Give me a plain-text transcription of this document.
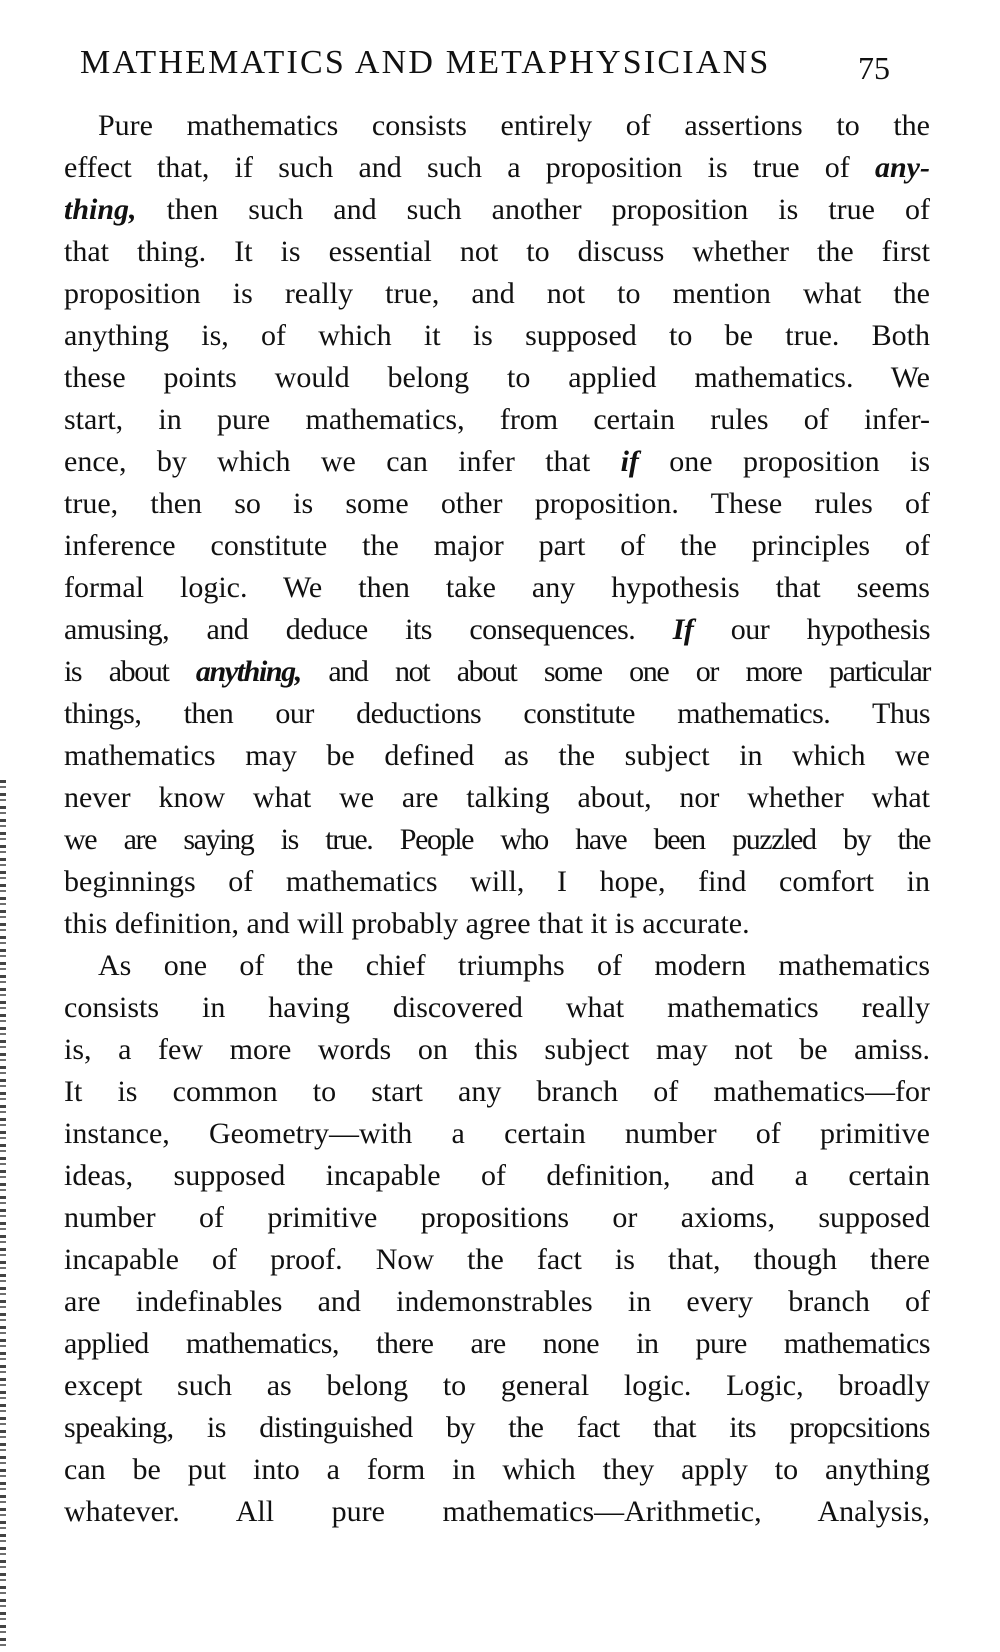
MATHEMATICS AND METAPHYSICIANS	75
Pure mathematics consists entirely of assertions to the
effect that, if such and such a proposition is true of any-
thing, then such and such another proposition is true of
that thing. It is essential not to discuss whether the first
proposition is really true, and not to mention what the
anything is, of which it is supposed to be true. Both
these points would belong to applied mathematics. We
start, in pure mathematics, from certain rules of infer-
ence, by which we can infer that if one proposition is
true, then so is some other proposition. These rules of
inference constitute the major part of the principles of
formal logic. We then take any hypothesis that seems
amusing, and deduce its consequences. If our hypothesis
is about anything, and not about some one or more particular
things, then our deductions constitute mathematics. Thus
mathematics may be defined as the subject in which we
never know what we are talking about, nor whether what
we are saying is true. People who have been puzzled by the
beginnings of mathematics will, I hope, find comfort in
this definition, and will probably agree that it is accurate.
As one of the chief triumphs of modern mathematics
consists in having discovered what mathematics really
is, a few more words on this subject may not be amiss.
It is common to start any branch of mathematics—for
instance, Geometry—with a certain number of primitive
ideas, supposed incapable of definition, and a certain
number of primitive propositions or axioms, supposed
incapable of proof. Now the fact is that, though there
are indefinables and indemonstrables in every branch of
applied mathematics, there are none in pure mathematics
except such as belong to general logic. Logic, broadly
speaking, is distinguished by the fact that its propcsitions
can be put into a form in which they apply to anything
whatever. All pure mathematics—Arithmetic, Analysis,
